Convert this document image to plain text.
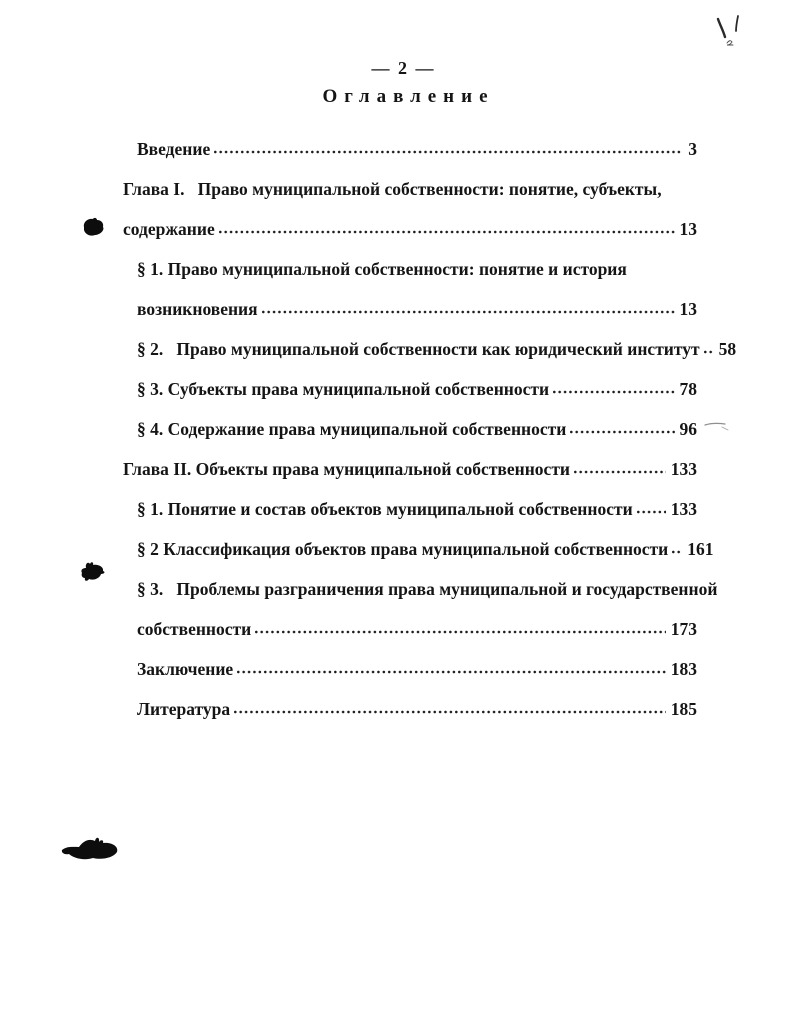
— 2 —
Оглавление
Введение	3
Глава I.   Право муниципальной собственности: понятие, субъекты,
содержание	13
§ 1. Право муниципальной собственности: понятие и история
возникновения	13
§ 2.   Право муниципальной собственности как юридический институт 58
§ 3. Субъекты права муниципальной собственности	78
§ 4. Содержание права муниципальной собственности	96
Глава II. Объекты права муниципальной собственности	133
§ 1. Понятие и состав объектов муниципальной собственности 133
§ 2 Классификация объектов права муниципальной собственности 161
§ 3.   Проблемы разграничения права муниципальной и государственной
собственности	173
Заключение	183
Литература	185
